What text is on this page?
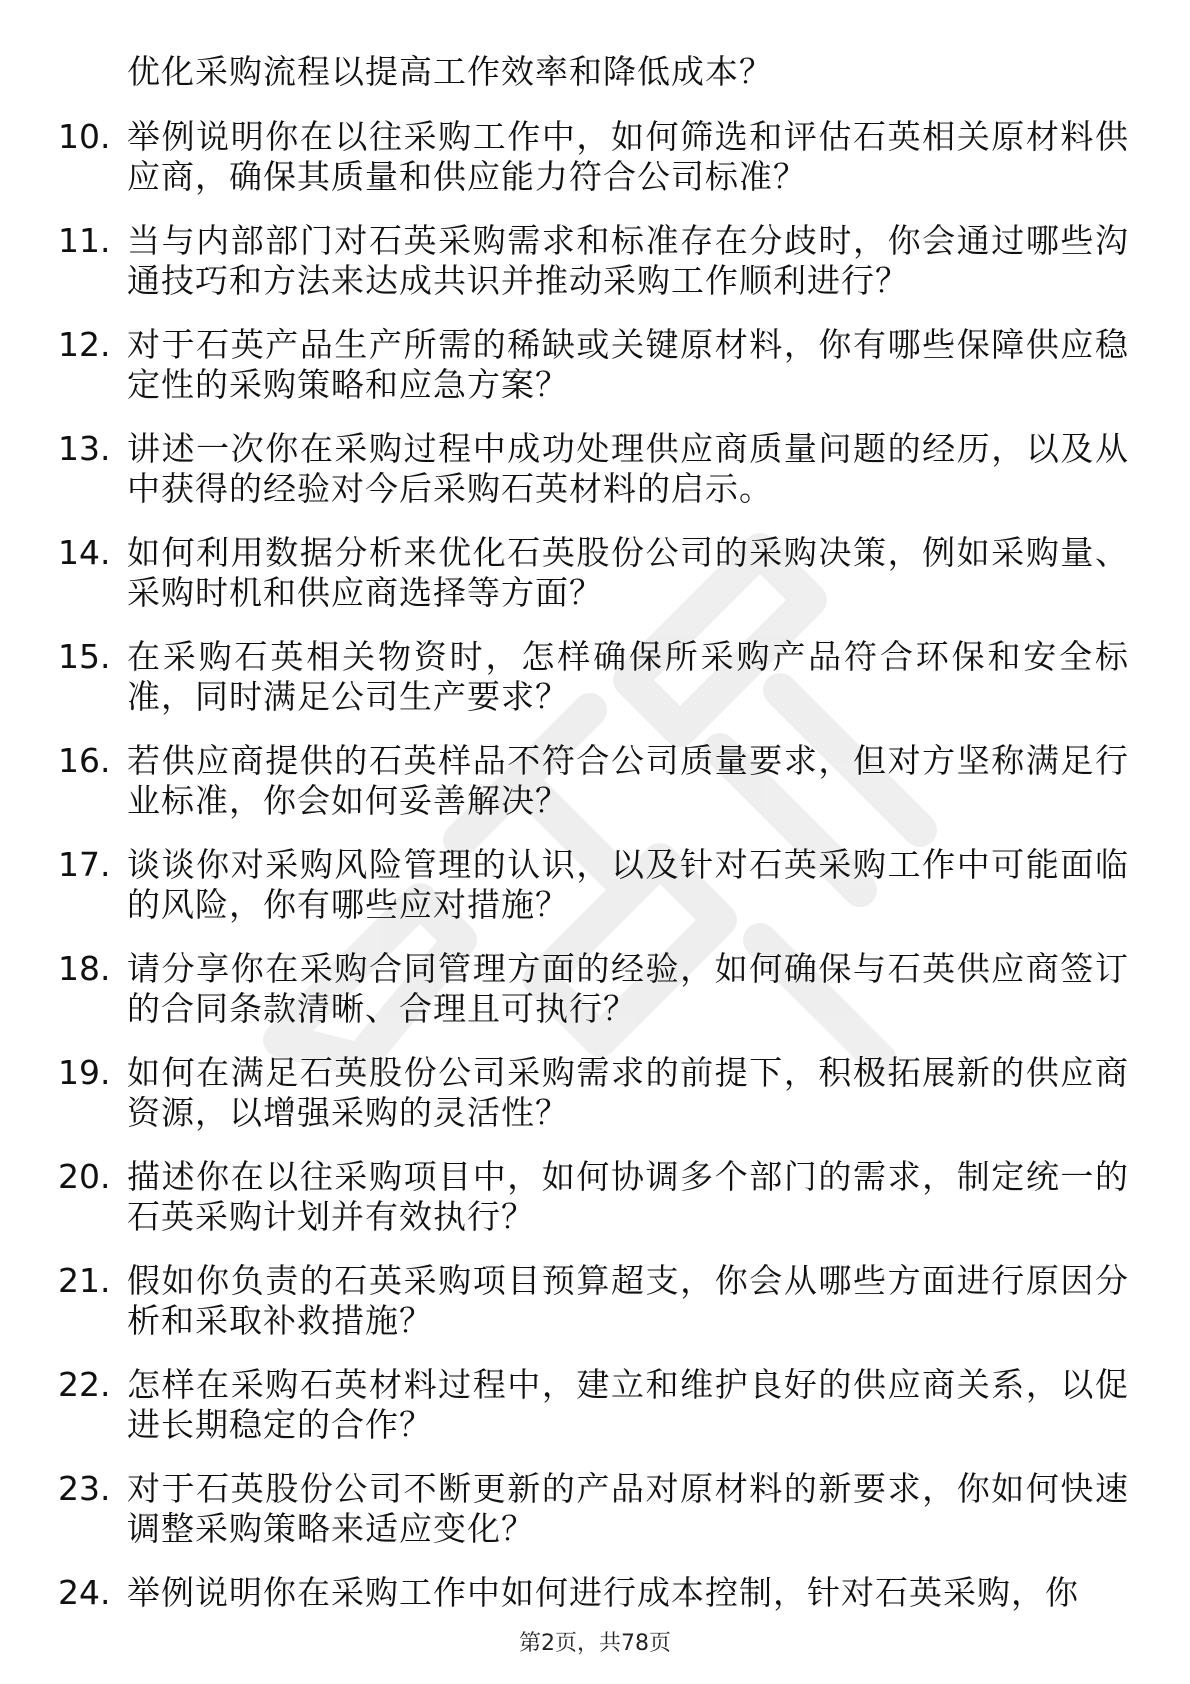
优化采购流程以提高工作效率和降低成本？
10. 举例说明你在以往采购工作中，如何筛选和评估石英相关原材料供应商，确保其质量和供应能力符合公司标准？
11. 当与内部部门对石英采购需求和标准存在分歧时，你会通过哪些沟通技巧和方法来达成共识并推动采购工作顺利进行？
12. 对于石英产品生产所需的稀缺或关键原材料，你有哪些保障供应稳定性的采购策略和应急方案？
13. 讲述一次你在采购过程中成功处理供应商质量问题的经历，以及从中获得的经验对今后采购石英材料的启示。
14. 如何利用数据分析来优化石英股份公司的采购决策，例如采购量、采购时机和供应商选择等方面？
15. 在采购石英相关物资时，怎样确保所采购产品符合环保和安全标准，同时满足公司生产要求？
16. 若供应商提供的石英样品不符合公司质量要求，但对方坚称满足行业标准，你会如何妥善解决？
17. 谈谈你对采购风险管理的认识，以及针对石英采购工作中可能面临的风险，你有哪些应对措施？
18. 请分享你在采购合同管理方面的经验，如何确保与石英供应商签订的合同条款清晰、合理且可执行？
19. 如何在满足石英股份公司采购需求的前提下，积极拓展新的供应商资源，以增强采购的灵活性？
20. 描述你在以往采购项目中，如何协调多个部门的需求，制定统一的石英采购计划并有效执行？
21. 假如你负责的石英采购项目预算超支，你会从哪些方面进行原因分析和采取补救措施？
22. 怎样在采购石英材料过程中，建立和维护良好的供应商关系，以促进长期稳定的合作？
23. 对于石英股份公司不断更新的产品对原材料的新要求，你如何快速调整采购策略来适应变化？
24. 举例说明你在采购工作中如何进行成本控制，针对石英采购，你
第2页，共78页
